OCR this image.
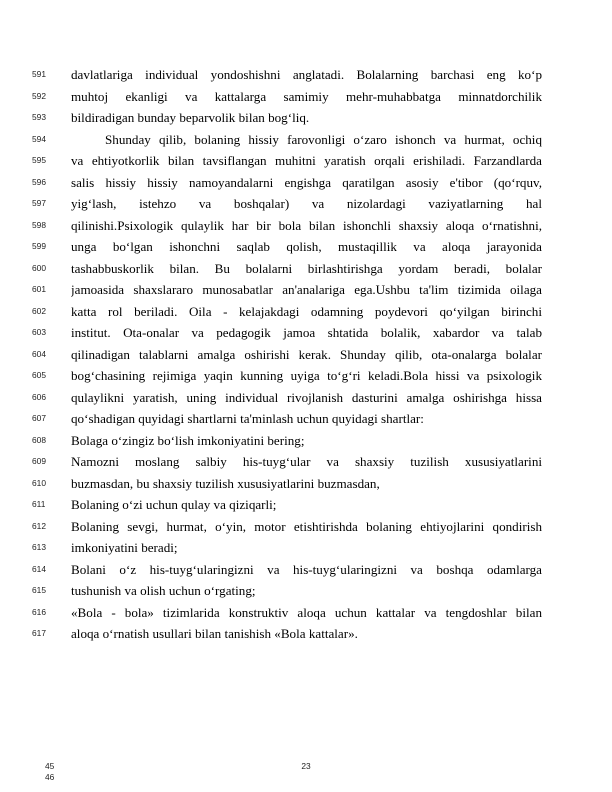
591
592
593
594
595
596
597
598
599
600
601
602
603
604
605
606
607
608
609
610
611
612
613
614
615
616
617
davlatlariga individual yondoshishni anglatadi. Bolalarning barchasi eng ko‘p
muhtoj ekanligi va kattalarga samimiy mehr-muhabbatga minnatdorchilik
bildiradigan bunday beparvolik bilan bog‘liq.
Shunday qilib, bolaning hissiy farovonligi o‘zaro ishonch va hurmat, ochiq
va ehtiyotkorlik bilan tavsiflangan muhitni yaratish orqali erishiladi. Farzandlarda
salis hissiy hissiy namoyandalarni engishga qaratilgan asosiy e'tibor (qo‘rquv,
yig‘lash, istehzo va boshqalar) va nizolardagi vaziyatlarning hal
qilinishi.Psixologik qulaylik har bir bola bilan ishonchli shaxsiy aloqa o‘rnatishni,
unga bo‘lgan ishonchni saqlab qolish, mustaqillik va aloqa jarayonida
tashabbuskorlik bilan. Bu bolalarni birlashtirishga yordam beradi, bolalar
jamoasida shaxslararo munosabatlar an'analariga ega.Ushbu ta'lim tizimida oilaga
katta rol beriladi. Oila - kelajakdagi odamning poydevori qo‘yilgan birinchi
institut. Ota-onalar va pedagogik jamoa shtatida bolalik, xabardor va talab
qilinadigan talablarni amalga oshirishi kerak. Shunday qilib, ota-onalarga bolalar
bog‘chasining rejimiga yaqin kunning uyiga to‘g‘ri keladi.Bola hissi va psixologik
qulaylikni yaratish, uning individual rivojlanish dasturini amalga oshirishga hissa
qo‘shadigan quyidagi shartlarni ta'minlash uchun quyidagi shartlar:
Bolaga o‘zingiz bo‘lish imkoniyatini bering;
Namozni moslang salbiy his-tuyg‘ular va shaxsiy tuzilish xususiyatlarini
buzmasdan, bu shaxsiy tuzilish xususiyatlarini buzmasdan,
Bolaning o‘zi uchun qulay va qiziqarli;
Bolaning sevgi, hurmat, o‘yin, motor etishtirishda bolaning ehtiyojlarini qondirish
imkoniyatini beradi;
Bolani o‘z his-tuyg‘ularingizni va his-tuyg‘ularingizni va boshqa odamlarga
tushunish va olish uchun o‘rgating;
«Bola - bola» tizimlarida konstruktiv aloqa uchun kattalar va tengdoshlar bilan
aloqa o‘rnatish usullari bilan tanishish «Bola kattalar».
45
46
23
